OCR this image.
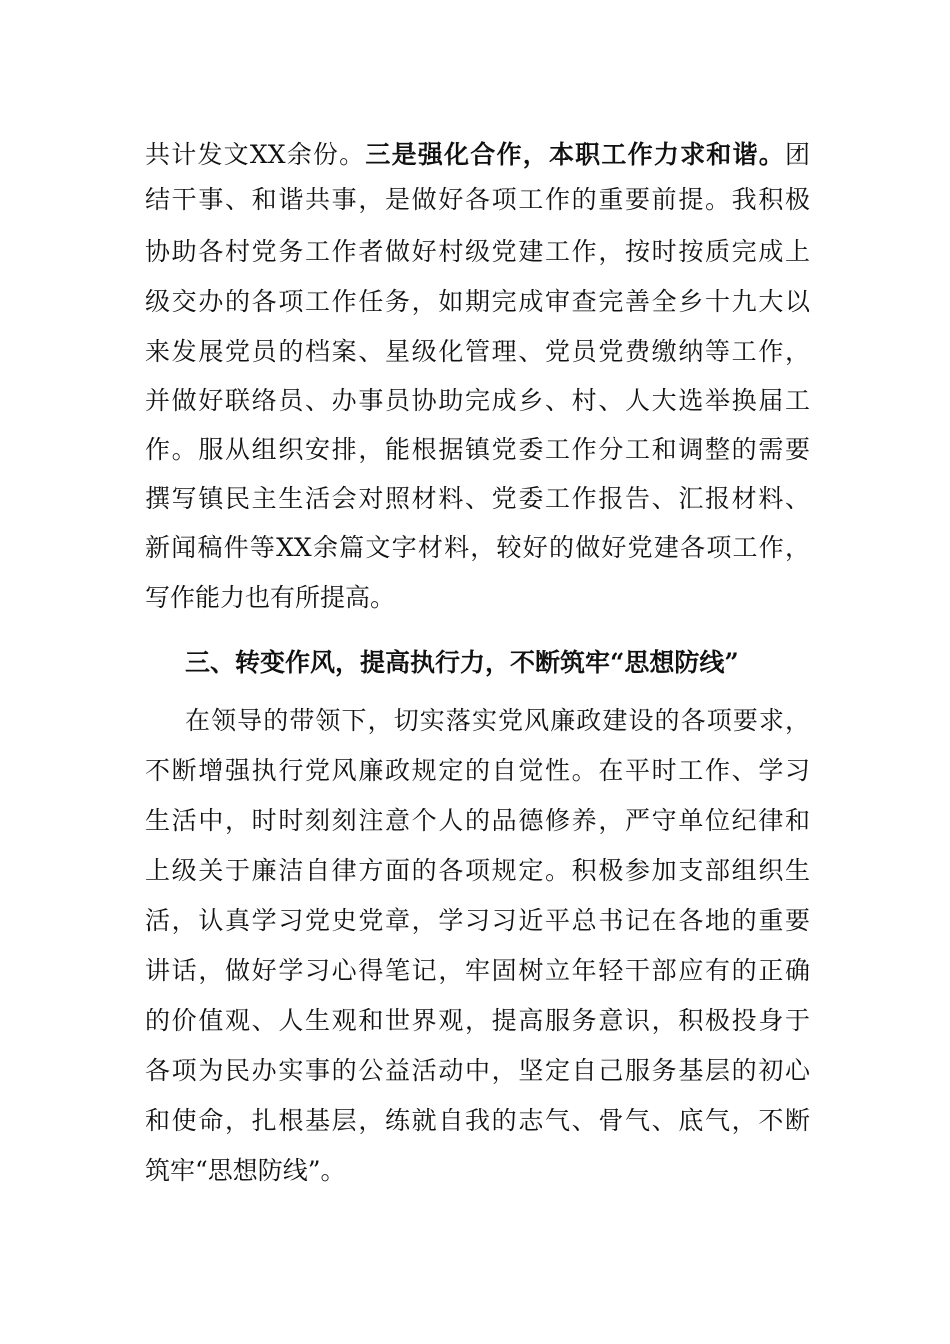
共计发文XX余份。三是强化合作，本职工作力求和谐。团
结干事、和谐共事，是做好各项工作的重要前提。我积极
协助各村党务工作者做好村级党建工作，按时按质完成上
级交办的各项工作任务，如期完成审查完善全乡十九大以
来发展党员的档案、星级化管理、党员党费缴纳等工作，
并做好联络员、办事员协助完成乡、村、人大选举换届工
作。服从组织安排，能根据镇党委工作分工和调整的需要
撰写镇民主生活会对照材料、党委工作报告、汇报材料、
新闻稿件等XX余篇文字材料，较好的做好党建各项工作，
写作能力也有所提高。
三、转变作风，提高执行力，不断筑牢“思想防线”
在领导的带领下，切实落实党风廉政建设的各项要求，
不断增强执行党风廉政规定的自觉性。在平时工作、学习
生活中，时时刻刻注意个人的品德修养，严守单位纪律和
上级关于廉洁自律方面的各项规定。积极参加支部组织生
活，认真学习党史党章，学习习近平总书记在各地的重要
讲话，做好学习心得笔记，牢固树立年轻干部应有的正确
的价值观、人生观和世界观，提高服务意识，积极投身于
各项为民办实事的公益活动中，坚定自己服务基层的初心
和使命，扎根基层，练就自我的志气、骨气、底气，不断
筑牢“思想防线”。
